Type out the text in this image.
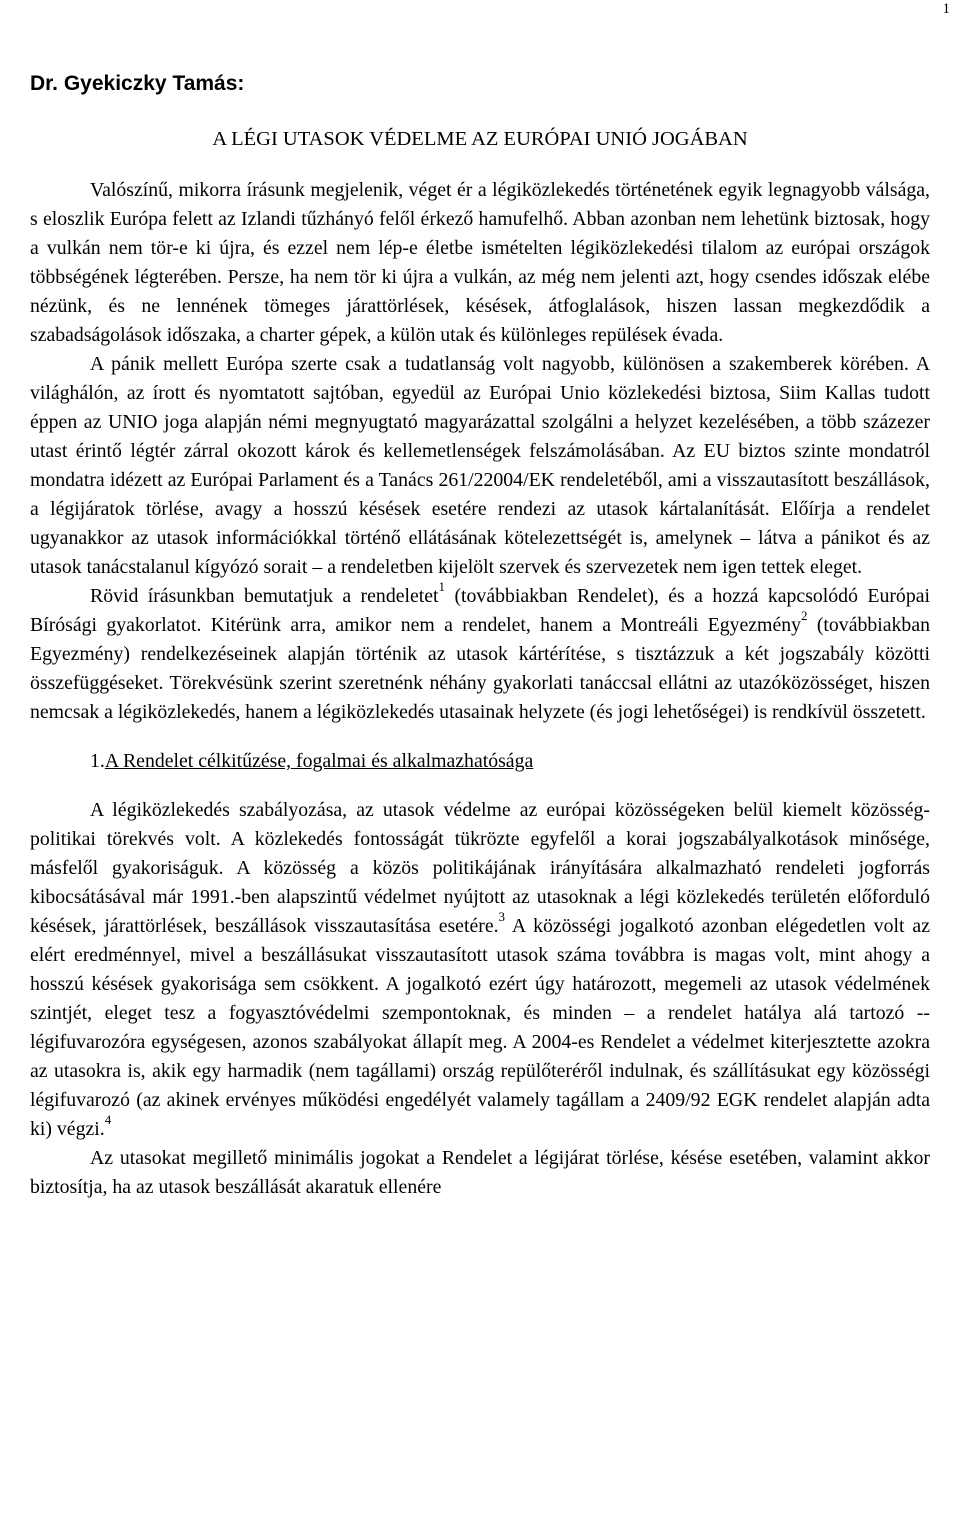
1
Dr. Gyekiczky Tamás:
A LÉGI UTASOK VÉDELME AZ EURÓPAI UNIÓ JOGÁBAN

Valószínű, mikorra írásunk megjelenik, véget ér a légiközlekedés történetének egyik legnagyobb válsága, s eloszlik Európa felett az Izlandi tűzhányó felől érkező hamufelhő. Abban azonban nem lehetünk biztosak, hogy a vulkán nem tör-e ki újra, és ezzel nem lép-e életbe ismételten légiközlekedési tilalom az európai országok többségének légterében. Persze, ha nem tör ki újra a vulkán, az még nem jelenti azt, hogy csendes időszak elébe nézünk, és ne lennének tömeges járattörlések, késések, átfoglalások, hiszen lassan megkezdődik a szabadságolások időszaka, a charter gépek, a külön utak és különleges repülések évada.

A pánik mellett Európa szerte csak a tudatlanság volt nagyobb, különösen a szakemberek körében. A világhálón, az írott és nyomtatott sajtóban, egyedül az Európai Unio közlekedési biztosa, Siim Kallas tudott éppen az UNIO joga alapján némi megnyugtató magyarázattal szolgálni a helyzet kezelésében, a több százezer utast érintő légtér zárral okozott károk és kellemetlenségek felszámolásában. Az EU biztos szinte mondatról mondatra idézett az Európai Parlament és a Tanács 261/22004/EK rendeletéből, ami a visszautasított beszállások, a légijáratok törlése, avagy a hosszú késések esetére rendezi az utasok kártalanítását. Előírja a rendelet ugyanakkor az utasok információkkal történő ellátásának kötelezettségét is, amelynek – látva a pánikot és az utasok tanácstalanul kígyózó sorait – a rendeletben kijelölt szervek és szervezetek nem igen tettek eleget.

Rövid írásunkban bemutatjuk a rendeletet$^1$ (továbbiakban Rendelet), és a hozzá kapcsolódó Európai Bírósági gyakorlatot. Kitérünk arra, amikor nem a rendelet, hanem a Montreáli Egyezmény$^2$ (továbbiakban Egyezmény) rendelkezéseinek alapján történik az utasok kártérítése, s tisztázzuk a két jogszabály közötti összefüggéseket. Törekvésünk szerint szeretnénk néhány gyakorlati tanáccsal ellátni az utazóközösséget, hiszen nemcsak a légiközlekedés, hanem a légiközlekedés utasainak helyzete (és jogi lehetőségei) is rendkívül összetett.

1.A Rendelet célkitűzése, fogalmai és alkalmazhatósága

A légiközlekedés szabályozása, az utasok védelme az európai közösségeken belül kiemelt közösség-politikai törekvés volt. A közlekedés fontosságát tükrözte egyfelől a korai jogszabályalkotások minősége, másfelől gyakoriságuk. A közösség a közös politikájának irányítására alkalmazható rendeleti jogforrás kibocsátásával már 1991.-ben alapszintű védelmet nyújtott az utasoknak a légi közlekedés területén előforduló késések, járattörlések, beszállások visszautasítása esetére.$^3$ A közösségi jogalkotó azonban elégedetlen volt az elért eredménnyel, mivel a beszállásukat visszautasított utasok száma továbbra is magas volt, mint ahogy a hosszú késések gyakorisága sem csökkent. A jogalkotó ezért úgy határozott, megemeli az utasok védelmének szintjét, eleget tesz a fogyasztóvédelmi szempontoknak, és minden – a rendelet hatálya alá tartozó -- légifuvarozóra egységesen, azonos szabályokat állapít meg. A 2004-es Rendelet a védelmet kiterjesztette azokra az utasokra is, akik egy harmadik (nem tagállami) ország repülőteréről indulnak, és szállításukat egy közösségi légifuvarozó (az akinek ervényes működési engedélyét valamely tagállam a 2409/92 EGK rendelet alapján adta ki) végzi.$^4$

Az utasokat megillető minimális jogokat a Rendelet a légijárat törlése, késése esetében, valamint akkor biztosítja, ha az utasok beszállását akaratuk ellenére
